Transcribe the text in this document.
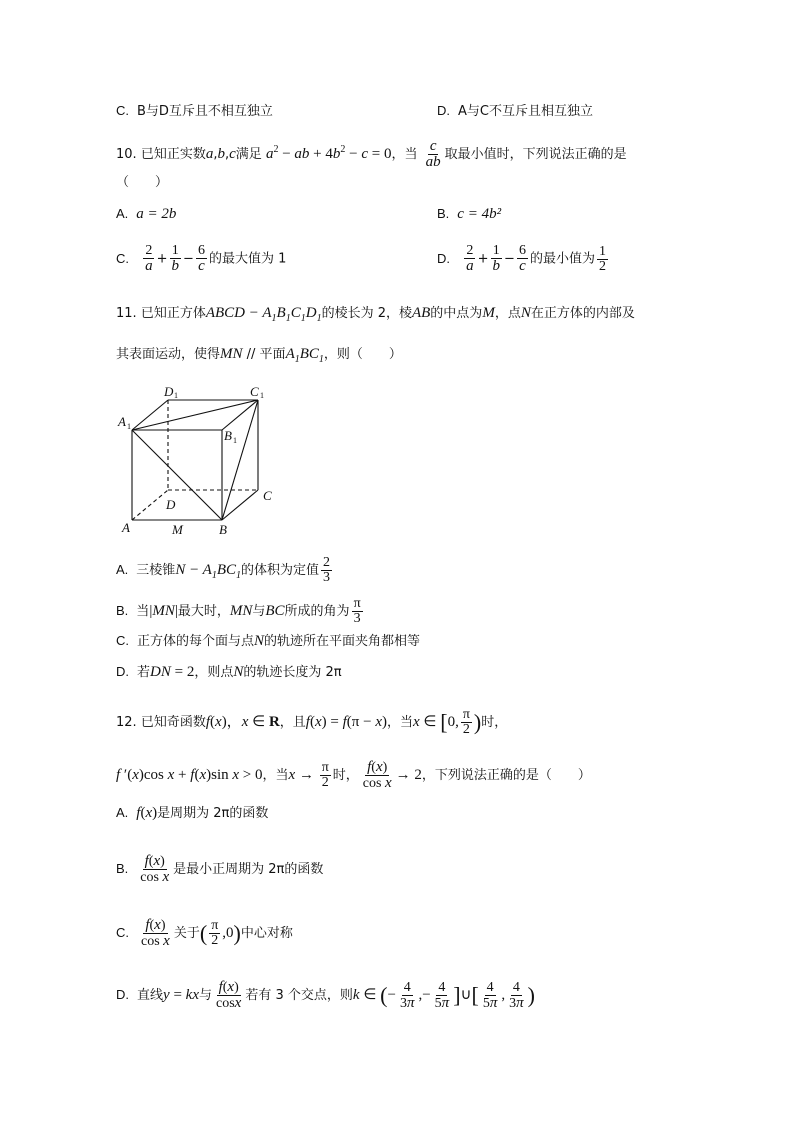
C. B与D互斥且不相互独立	D. A与C不互斥且相互独立
10. 已知正实数a,b,c满足 $a^2$ − ab + $4b^2 - c = 0$，当 $\frac{c}{ab}$ 取最小值时，下列说法正确的是
（　　）
A. a = 2b	B. c = 4b²
C. $\frac{2}{a} + \frac{1}{b} - \frac{6}{c}$ 的最大值为 1	D. $\frac{2}{a} + \frac{1}{b} - \frac{6}{c}$ 的最小值为 $\frac{1}{2}$
11. 已知正方体ABCD − $A_1B_1C_1D_1$的棱长为 2，棱AB的中点为M，点N在正方体的内部及
其表面运动，使得MN // 平面$A_1BC_1$，则（　　）
A 1
D 1	C 1
B 1
C
D
A	M	B
A. 三棱锥$N - A_1BC_1$的体积为定值 $\frac{2}{3}$
B. 当|MN|最大时，MN与BC所成的角为 $\frac{\pi}{3}$
C. 正方体的每个面与点N的轨迹所在平面夹角都相等
D. 若DN = 2，则点N的轨迹长度为 2π
12. 已知奇函数f(x)，x ∈ R，且f(x) = f(π − x)，当x ∈ [0, $\frac{\pi}{2}$ )时，
f ′(x)cos x + f(x)sin x > 0，当$x \to \frac{\pi}{2}$ 时， $\frac{f(x)}{\text{cos x}} \to 2$，下列说法正确的是（　　）
A. f(x)是周期为 2π的函数
B. $\frac{f(x)}{\text{cos x}}$ 是最小正周期为 2π的函数
C. $\frac{f(x)}{\text{cos x}}$ 关于( $\frac{\pi}{2} ,0$)中心对称
D. 直线y = kx与 $\frac{f(x)}{\cos x}$ 若有 3 个交点，则k ∈ (− $\frac{4}{3\pi}$ ,− $\frac{4}{5\pi}$ ]∪[ $\frac{4}{5\pi}$ , $\frac{4}{3\pi}$ )
